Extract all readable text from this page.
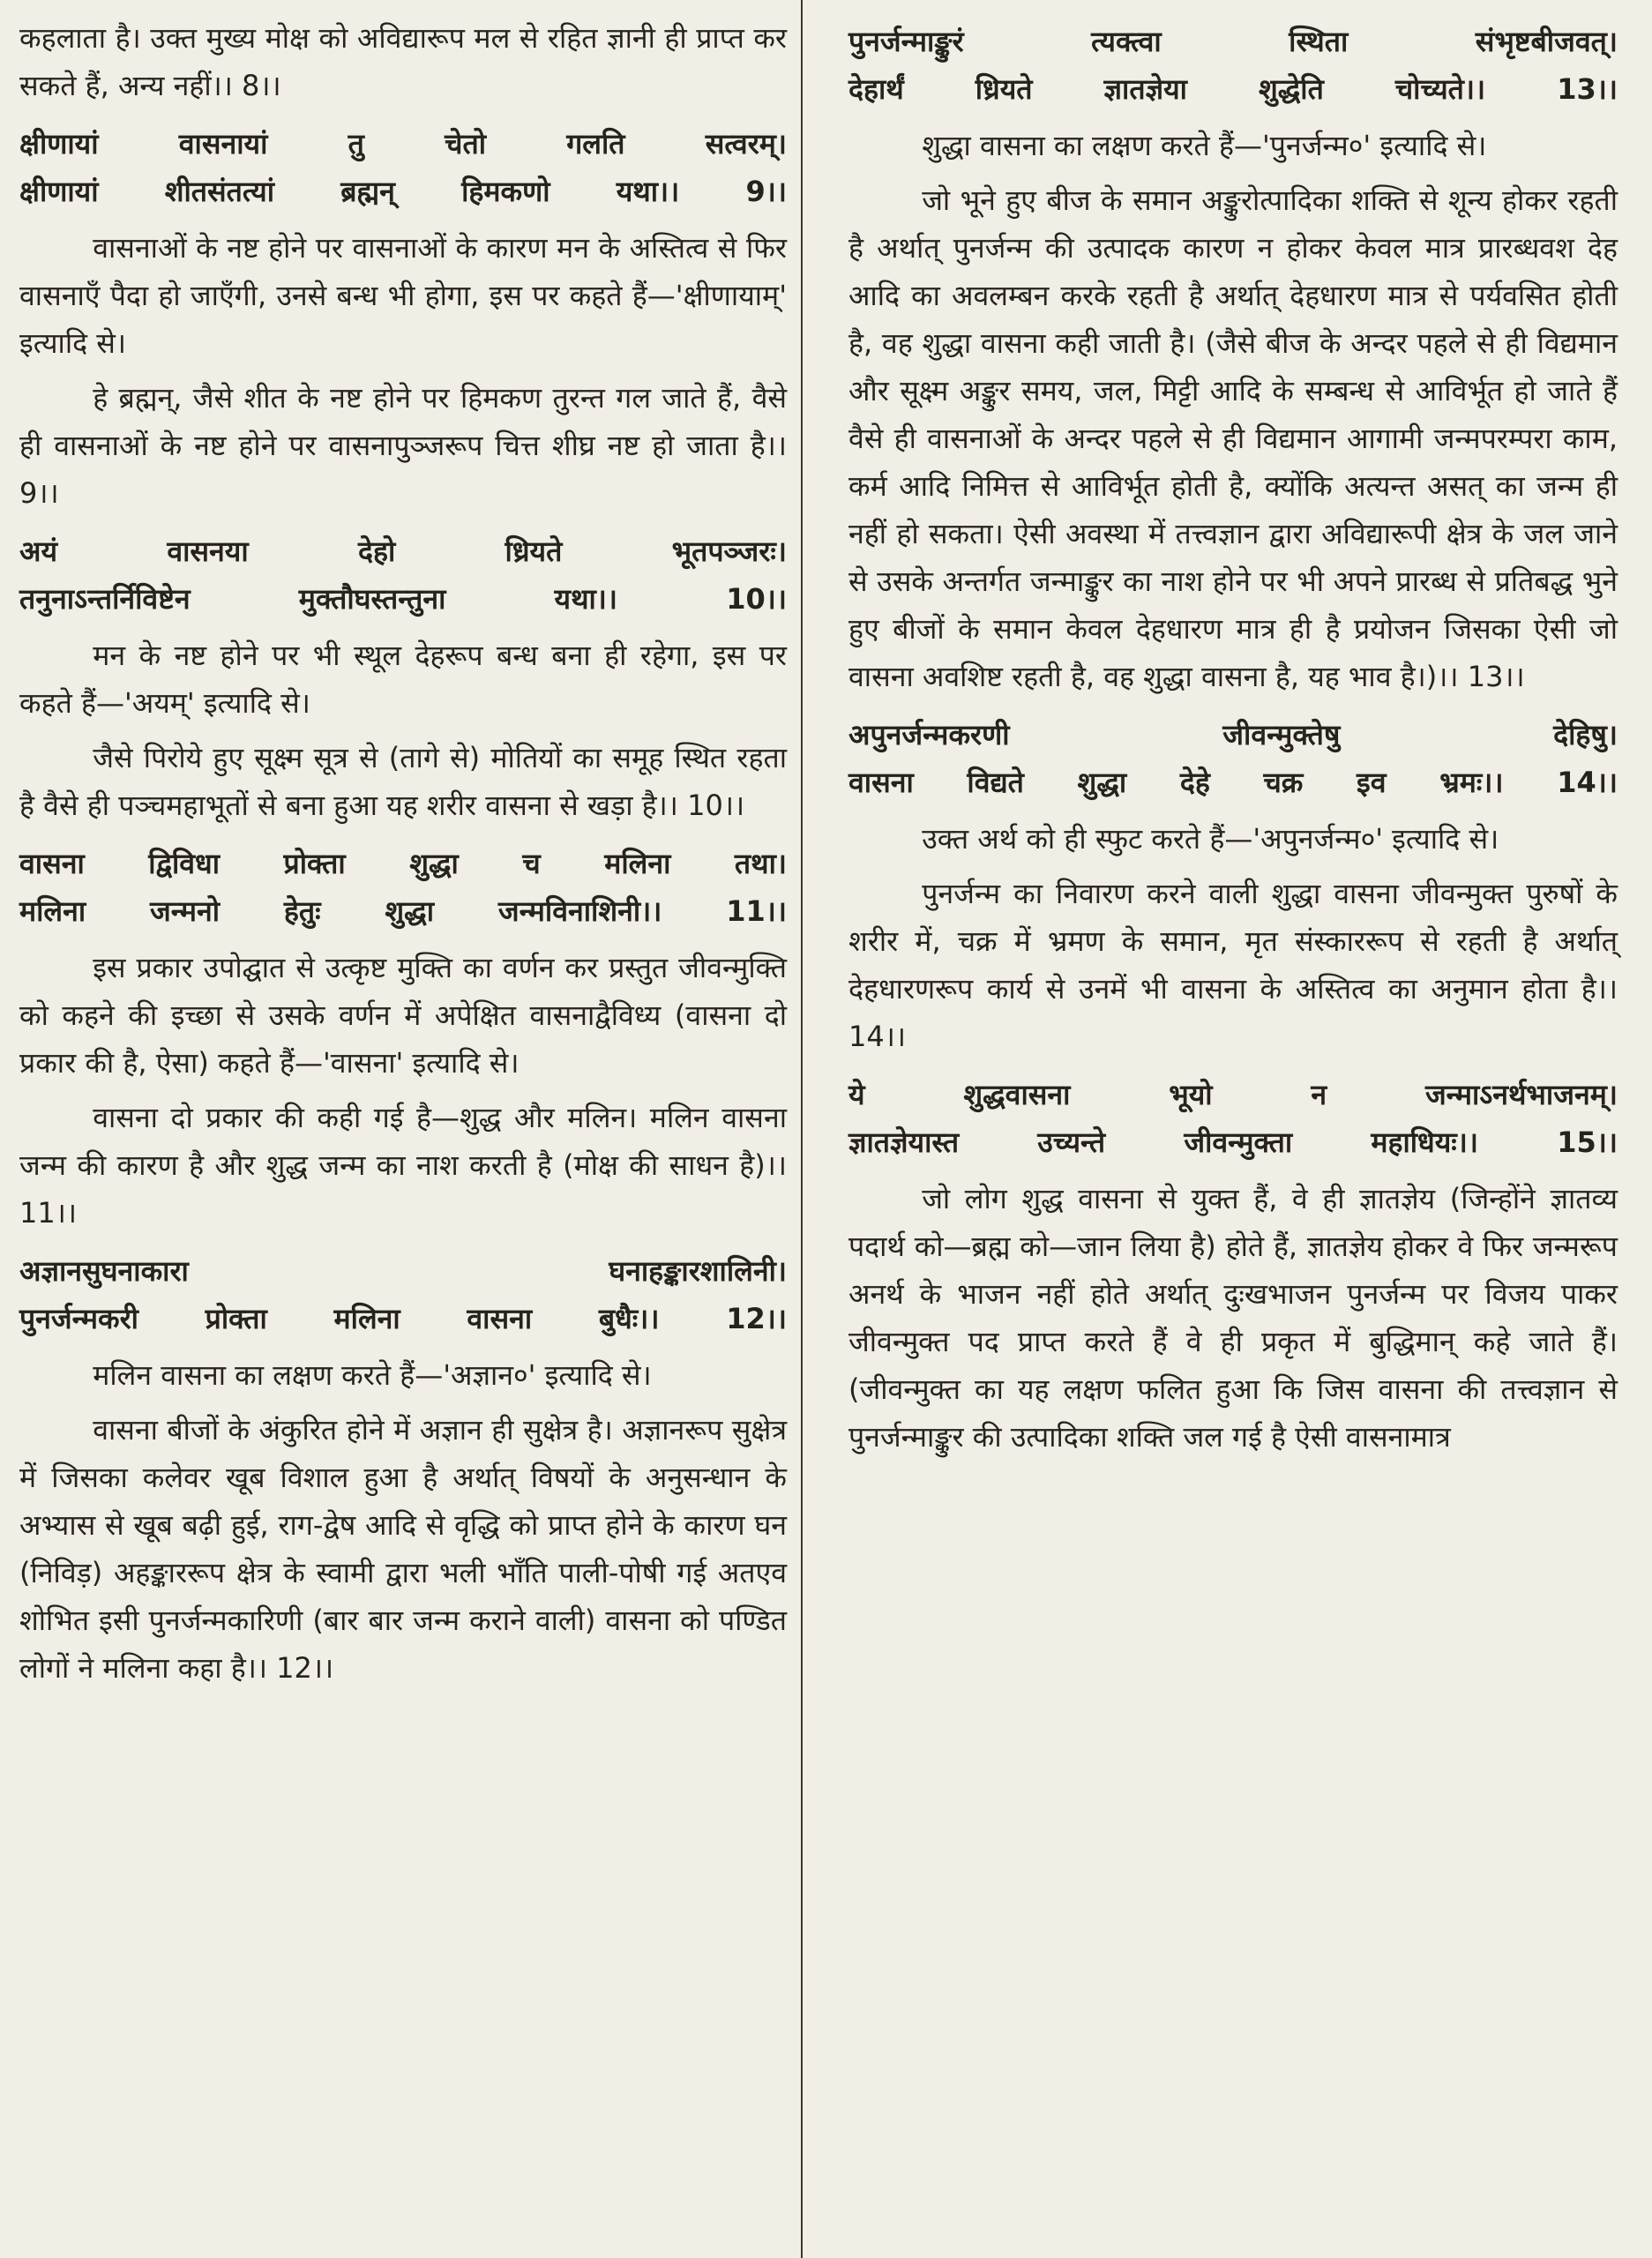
कहलाता है। उक्त मुख्य मोक्ष को अविद्यारूप मल से रहित ज्ञानी ही प्राप्त कर सकते हैं, अन्य नहीं।। 8।।

क्षीणायां वासनायां तु चेतो गलति सत्वरम्।
क्षीणायां शीतसंतत्यां ब्रह्मन् हिमकणो यथा।। 9।।

वासनाओं के नष्ट होने पर वासनाओं के कारण मन के अस्तित्व से फिर वासनाएँ पैदा हो जाएँगी, उनसे बन्ध भी होगा, इस पर कहते हैं—'क्षीणायाम्' इत्यादि से।

हे ब्रह्मन्, जैसे शीत के नष्ट होने पर हिमकण तुरन्त गल जाते हैं, वैसे ही वासनाओं के नष्ट होने पर वासनापुञ्जरूप चित्त शीघ्र नष्ट हो जाता है।। 9।।

अयं वासनया देहो ध्रियते भूतपञ्जरः।
तनुनाऽन्तर्निविष्टेन मुक्तौघस्तन्तुना यथा।। 10।।

मन के नष्ट होने पर भी स्थूल देहरूप बन्ध बना ही रहेगा, इस पर कहते हैं—'अयम्' इत्यादि से।

जैसे पिरोये हुए सूक्ष्म सूत्र से (तागे से) मोतियों का समूह स्थित रहता है वैसे ही पञ्चमहाभूतों से बना हुआ यह शरीर वासना से खड़ा है।। 10।।

वासना द्विविधा प्रोक्ता शुद्धा च मलिना तथा।
मलिना जन्मनो हेतुः शुद्धा जन्मविनाशिनी।। 11।।

इस प्रकार उपोद्घात से उत्कृष्ट मुक्ति का वर्णन कर प्रस्तुत जीवन्मुक्ति को कहने की इच्छा से उसके वर्णन में अपेक्षित वासनाद्वैविध्य (वासना दो प्रकार की है, ऐसा) कहते हैं—'वासना' इत्यादि से।

वासना दो प्रकार की कही गई है—शुद्ध और मलिन। मलिन वासना जन्म की कारण है और शुद्ध जन्म का नाश करती है (मोक्ष की साधन है)।। 11।।

अज्ञानसुघनाकारा घनाहङ्कारशालिनी।
पुनर्जन्मकरी प्रोक्ता मलिना वासना बुधैः।। 12।।

मलिन वासना का लक्षण करते हैं—'अज्ञान०' इत्यादि से।

वासना बीजों के अंकुरित होने में अज्ञान ही सुक्षेत्र है। अज्ञानरूप सुक्षेत्र में जिसका कलेवर खूब विशाल हुआ है अर्थात् विषयों के अनुसन्धान के अभ्यास से खूब बढ़ी हुई, राग-द्वेष आदि से वृद्धि को प्राप्त होने के कारण घन (निविड़) अहङ्काररूप क्षेत्र के स्वामी द्वारा भली भाँति पाली-पोषी गई अतएव शोभित इसी पुनर्जन्मकारिणी (बार बार जन्म कराने वाली) वासना को पण्डित लोगों ने मलिना कहा है।। 12।।

पुनर्जन्माङ्कुरं त्यक्त्वा स्थिता संभृष्टबीजवत्।
देहार्थं ध्रियते ज्ञातज्ञेया शुद्धेति चोच्यते।। 13।।

शुद्धा वासना का लक्षण करते हैं—'पुनर्जन्म०' इत्यादि से।

जो भूने हुए बीज के समान अङ्कुरोत्पादिका शक्ति से शून्य होकर रहती है अर्थात् पुनर्जन्म की उत्पादक कारण न होकर केवल मात्र प्रारब्धवश देह आदि का अवलम्बन करके रहती है अर्थात् देहधारण मात्र से पर्यवसित होती है, वह शुद्धा वासना कही जाती है। (जैसे बीज के अन्दर पहले से ही विद्यमान और सूक्ष्म अङ्कुर समय, जल, मिट्टी आदि के सम्बन्ध से आविर्भूत हो जाते हैं वैसे ही वासनाओं के अन्दर पहले से ही विद्यमान आगामी जन्मपरम्परा काम, कर्म आदि निमित्त से आविर्भूत होती है, क्योंकि अत्यन्त असत् का जन्म ही नहीं हो सकता। ऐसी अवस्था में तत्त्वज्ञान द्वारा अविद्यारूपी क्षेत्र के जल जाने से उसके अन्तर्गत जन्माङ्कुर का नाश होने पर भी अपने प्रारब्ध से प्रतिबद्ध भुने हुए बीजों के समान केवल देहधारण मात्र ही है प्रयोजन जिसका ऐसी जो वासना अवशिष्ट रहती है, वह शुद्धा वासना है, यह भाव है।)।। 13।।

अपुनर्जन्मकरणी जीवन्मुक्तेषु देहिषु।
वासना विद्यते शुद्धा देहे चक्र इव भ्रमः।। 14।।

उक्त अर्थ को ही स्फुट करते हैं—'अपुनर्जन्म०' इत्यादि से।

पुनर्जन्म का निवारण करने वाली शुद्धा वासना जीवन्मुक्त पुरुषों के शरीर में, चक्र में भ्रमण के समान, मृत संस्काररूप से रहती है अर्थात् देहधारणरूप कार्य से उनमें भी वासना के अस्तित्व का अनुमान होता है।। 14।।

ये शुद्धवासना भूयो न जन्माऽनर्थभाजनम्।
ज्ञातज्ञेयास्त उच्यन्ते जीवन्मुक्ता महाधियः।। 15।।

जो लोग शुद्ध वासना से युक्त हैं, वे ही ज्ञातज्ञेय (जिन्होंने ज्ञातव्य पदार्थ को—ब्रह्म को—जान लिया है) होते हैं, ज्ञातज्ञेय होकर वे फिर जन्मरूप अनर्थ के भाजन नहीं होते अर्थात् दुःखभाजन पुनर्जन्म पर विजय पाकर जीवन्मुक्त पद प्राप्त करते हैं वे ही प्रकृत में बुद्धिमान् कहे जाते हैं। (जीवन्मुक्त का यह लक्षण फलित हुआ कि जिस वासना की तत्त्वज्ञान से पुनर्जन्माङ्कुर की उत्पादिका शक्ति जल गई है ऐसी वासनामात्र
